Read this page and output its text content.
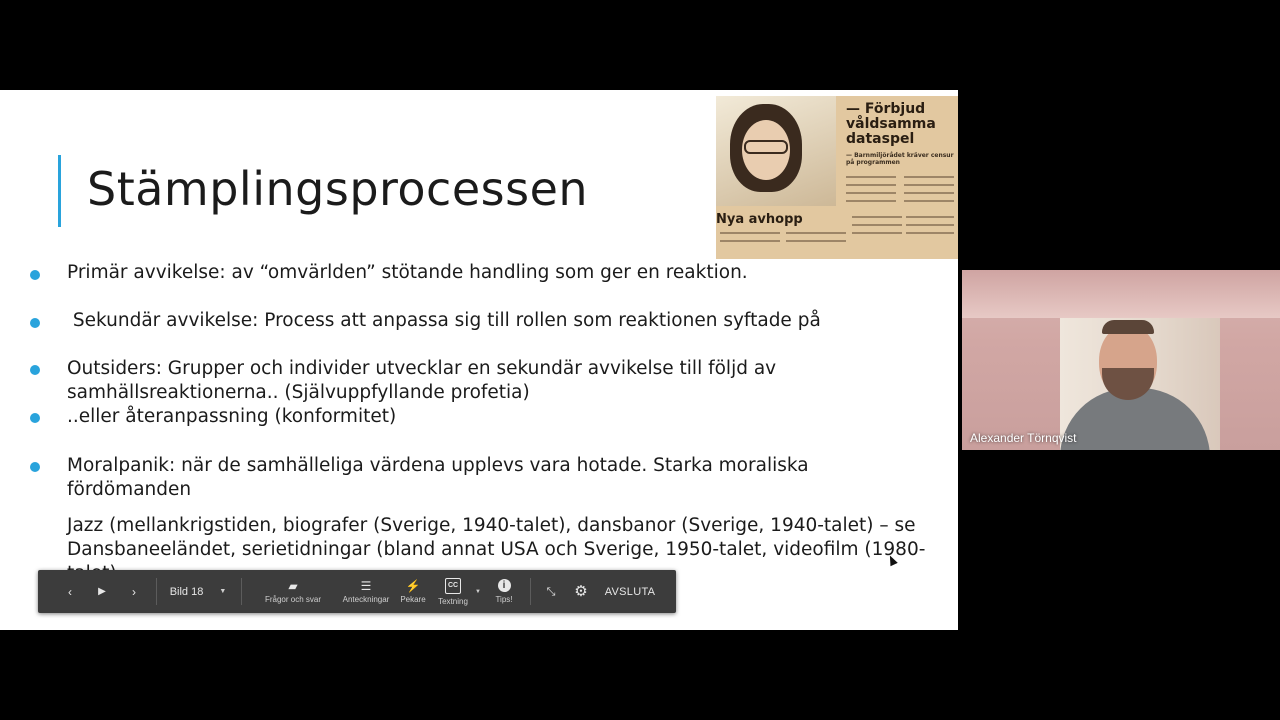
Stämplingsprocessen
— Förbjud våldsamma dataspel
— Barnmiljörådet kräver censur på programmen
Nya avhopp
Primär avvikelse: av “omvärlden” stötande handling som ger en reaktion.
Sekundär avvikelse: Process att anpassa sig till rollen som reaktionen syftade på
Outsiders: Grupper och individer utvecklar en sekundär avvikelse till följd av samhällsreaktionerna.. (Självuppfyllande profetia)
..eller återanpassning (konformitet)
Moralpanik: när de samhälleliga värdena upplevs vara hotade. Starka moraliska fördömanden
Jazz (mellankrigstiden, biografer (Sverige, 1940-talet), dansbanor (Sverige, 1940-talet) – se Dansbaneeländet, serietidningar (bland annat USA och Sverige, 1950-talet, videofilm (1980-
‹	▶ ›	Bild 18 ▼	▰
Frågor och svar
☰
Anteckningar
⚡
Pekare
CC
Textning
▼
i
Tips!
⤡ ⚙ AVSLUTA
Alexander Törnqvist
